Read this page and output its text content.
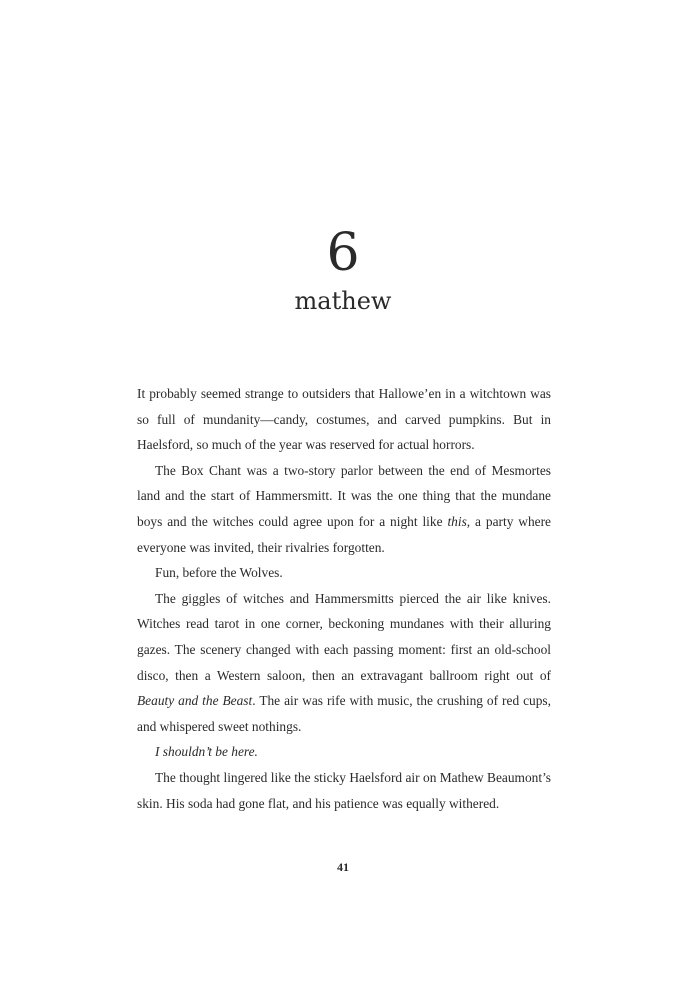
6
mathew

It probably seemed strange to outsiders that Hallowe’en in a witchtown was so full of mundanity—candy, costumes, and carved pumpkins. But in Haelsford, so much of the year was reserved for actual horrors.

The Box Chant was a two-story parlor between the end of Mesmortes land and the start of Hammersmitt. It was the one thing that the mundane boys and the witches could agree upon for a night like this, a party where everyone was invited, their rivalries forgotten.

Fun, before the Wolves.

The giggles of witches and Hammersmitts pierced the air like knives. Witches read tarot in one corner, beckoning mundanes with their alluring gazes. The scenery changed with each passing moment: first an old-school disco, then a Western saloon, then an extravagant ballroom right out of Beauty and the Beast. The air was rife with music, the crushing of red cups, and whispered sweet nothings.

I shouldn’t be here.

The thought lingered like the sticky Haelsford air on Mathew Beaumont’s skin. His soda had gone flat, and his patience was equally withered.

41
